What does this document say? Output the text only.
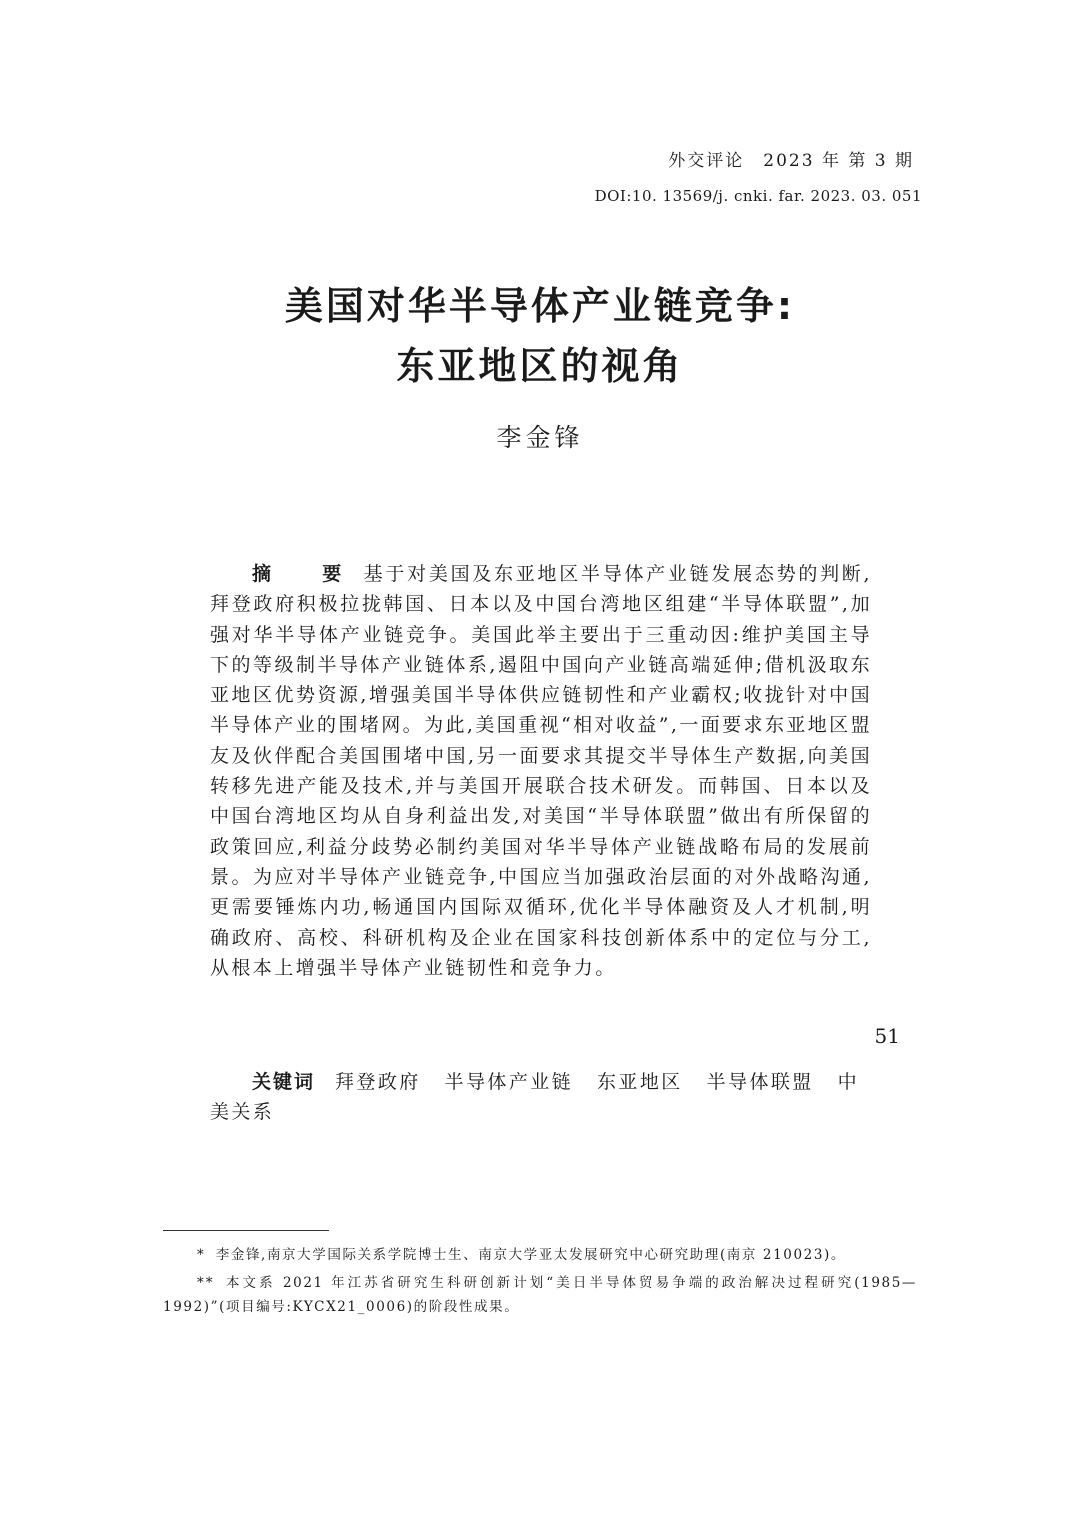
外交评论　2023 年 第 3 期
DOI:10. 13569/j. cnki. far. 2023. 03. 051
美国对华半导体产业链竞争:
东亚地区的视角
李金锋

摘 要基于对美国及东亚地区半导体产业链发展态势的判断,拜登政府积极拉拢韩国、日本以及中国台湾地区组建“半导体联盟”,加强对华半导体产业链竞争。美国此举主要出于三重动因:维护美国主导下的等级制半导体产业链体系,遏阻中国向产业链高端延伸;借机汲取东亚地区优势资源,增强美国半导体供应链韧性和产业霸权;收拢针对中国半导体产业的围堵网。为此,美国重视“相对收益”,一面要求东亚地区盟友及伙伴配合美国围堵中国,另一面要求其提交半导体生产数据,向美国转移先进产能及技术,并与美国开展联合技术研发。而韩国、日本以及中国台湾地区均从自身利益出发,对美国“半导体联盟”做出有所保留的政策回应,利益分歧势必制约美国对华半导体产业链战略布局的发展前景。为应对半导体产业链竞争,中国应当加强政治层面的对外战略沟通,更需要锤炼内功,畅通国内国际双循环,优化半导体融资及人才机制,明确政府、高校、科研机构及企业在国家科技创新体系中的定位与分工,从根本上增强半导体产业链韧性和竞争力。

关键词 拜登政府 半导体产业链 东亚地区 半导体联盟 中美关系

* 李金锋,南京大学国际关系学院博士生、南京大学亚太发展研究中心研究助理(南京 210023)。

** 本文系 2021 年江苏省研究生科研创新计划“美日半导体贸易争端的政治解决过程研究(1985—1992)”(项目编号:KYCX21_0006)的阶段性成果。

51
